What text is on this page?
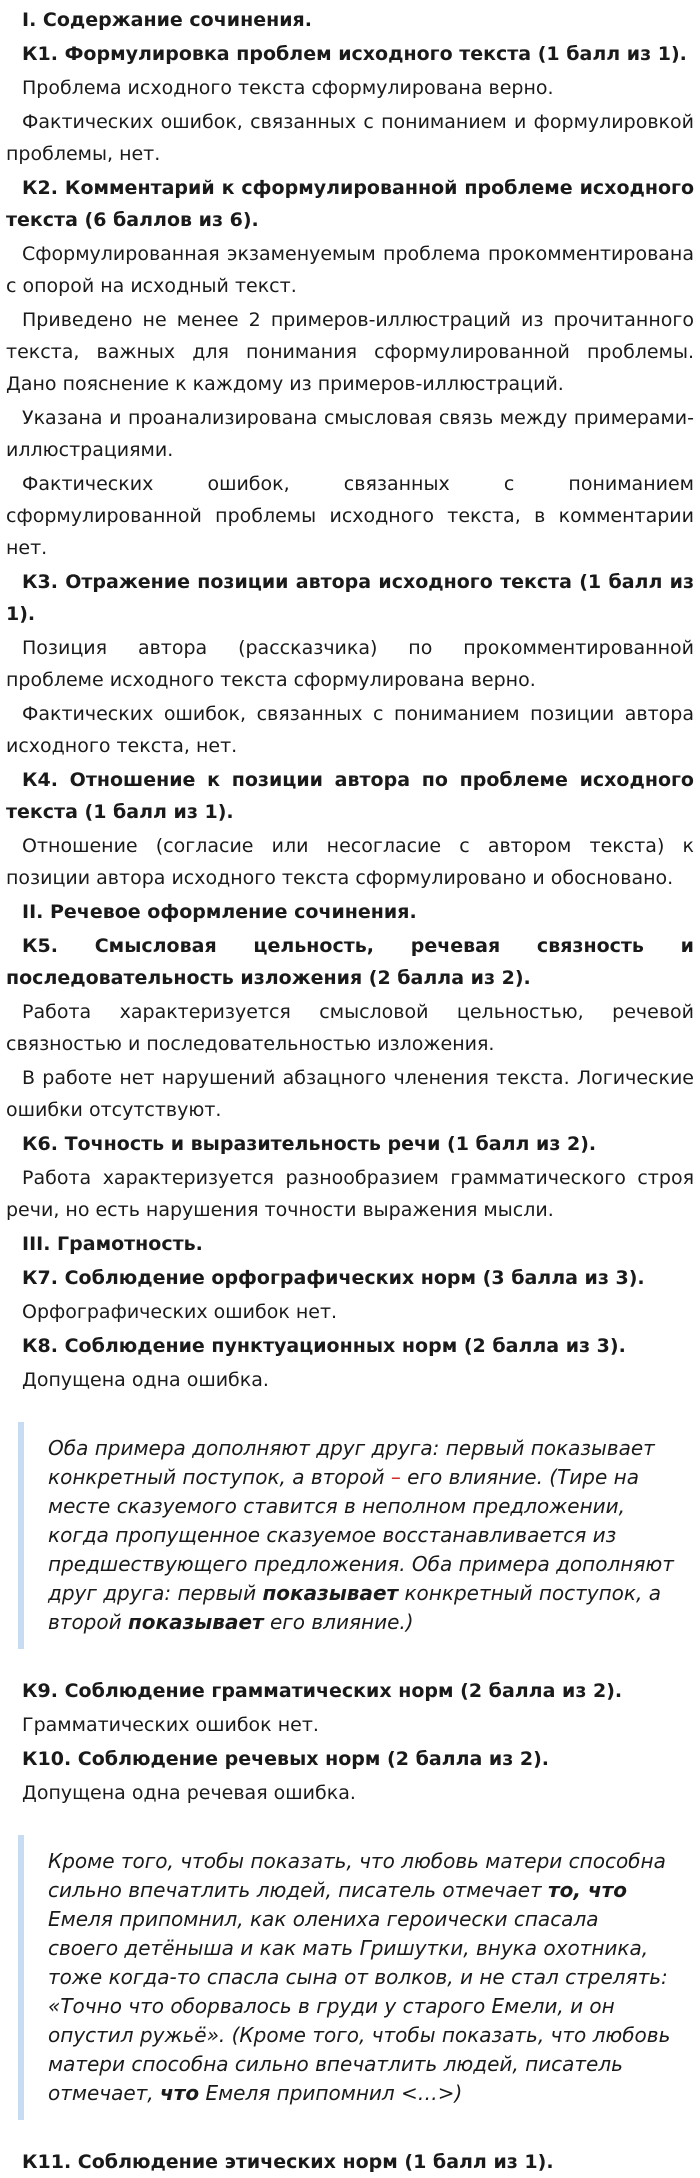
I. Содержание сочинения.
К1. Формулировка проблем исходного текста (1 балл из 1).
Проблема исходного текста сформулирована верно.
Фактических ошибок, связанных с пониманием и формулировкой проблемы, нет.
К2. Комментарий к сформулированной проблеме исходного текста (6 баллов из 6).
Сформулированная экзаменуемым проблема прокомментирована с опорой на исходный текст.
Приведено не менее 2 примеров-иллюстраций из прочитанного текста, важных для понимания сформулированной проблемы. Дано пояснение к каждому из примеров-иллюстраций.
Указана и проанализирована смысловая связь между примерами-иллюстрациями.
Фактических ошибок, связанных с пониманием сформулированной проблемы исходного текста, в комментарии нет.
К3. Отражение позиции автора исходного текста (1 балл из 1).
Позиция автора (рассказчика) по прокомментированной проблеме исходного текста сформулирована верно.
Фактических ошибок, связанных с пониманием позиции автора исходного текста, нет.
К4. Отношение к позиции автора по проблеме исходного текста (1 балл из 1).
Отношение (согласие или несогласие с автором текста) к позиции автора исходного текста сформулировано и обосновано.
II. Речевое оформление сочинения.
К5. Смысловая цельность, речевая связность и последовательность изложения (2 балла из 2).
Работа характеризуется смысловой цельностью, речевой связностью и последовательностью изложения.
В работе нет нарушений абзацного членения текста. Логические ошибки отсутствуют.
К6. Точность и выразительность речи (1 балл из 2).
Работа характеризуется разнообразием грамматического строя речи, но есть нарушения точности выражения мысли.
III. Грамотность.
К7. Соблюдение орфографических норм (3 балла из 3).
Орфографических ошибок нет.
К8. Соблюдение пунктуационных норм (2 балла из 3).
Допущена одна ошибка.
Оба примера дополняют друг друга: первый показывает конкретный поступок, а второй – его влияние. (Тире на месте сказуемого ставится в неполном предложении, когда пропущенное сказуемое восстанавливается из предшествующего предложения. Оба примера дополняют друг друга: первый показывает конкретный поступок, а второй показывает его влияние.)
К9. Соблюдение грамматических норм (2 балла из 2).
Грамматических ошибок нет.
К10. Соблюдение речевых норм (2 балла из 2).
Допущена одна речевая ошибка.
Кроме того, чтобы показать, что любовь матери способна сильно впечатлить людей, писатель отмечает то, что Емеля припомнил, как олениха героически спасала своего детёныша и как мать Гришутки, внука охотника, тоже когда-то спасла сына от волков, и не стал стрелять: «Точно что оборвалось в груди у старого Емели, и он опустил ружьё». (Кроме того, чтобы показать, что любовь матери способна сильно впечатлить людей, писатель отмечает, что Емеля припомнил <…>)
К11. Соблюдение этических норм (1 балл из 1).
